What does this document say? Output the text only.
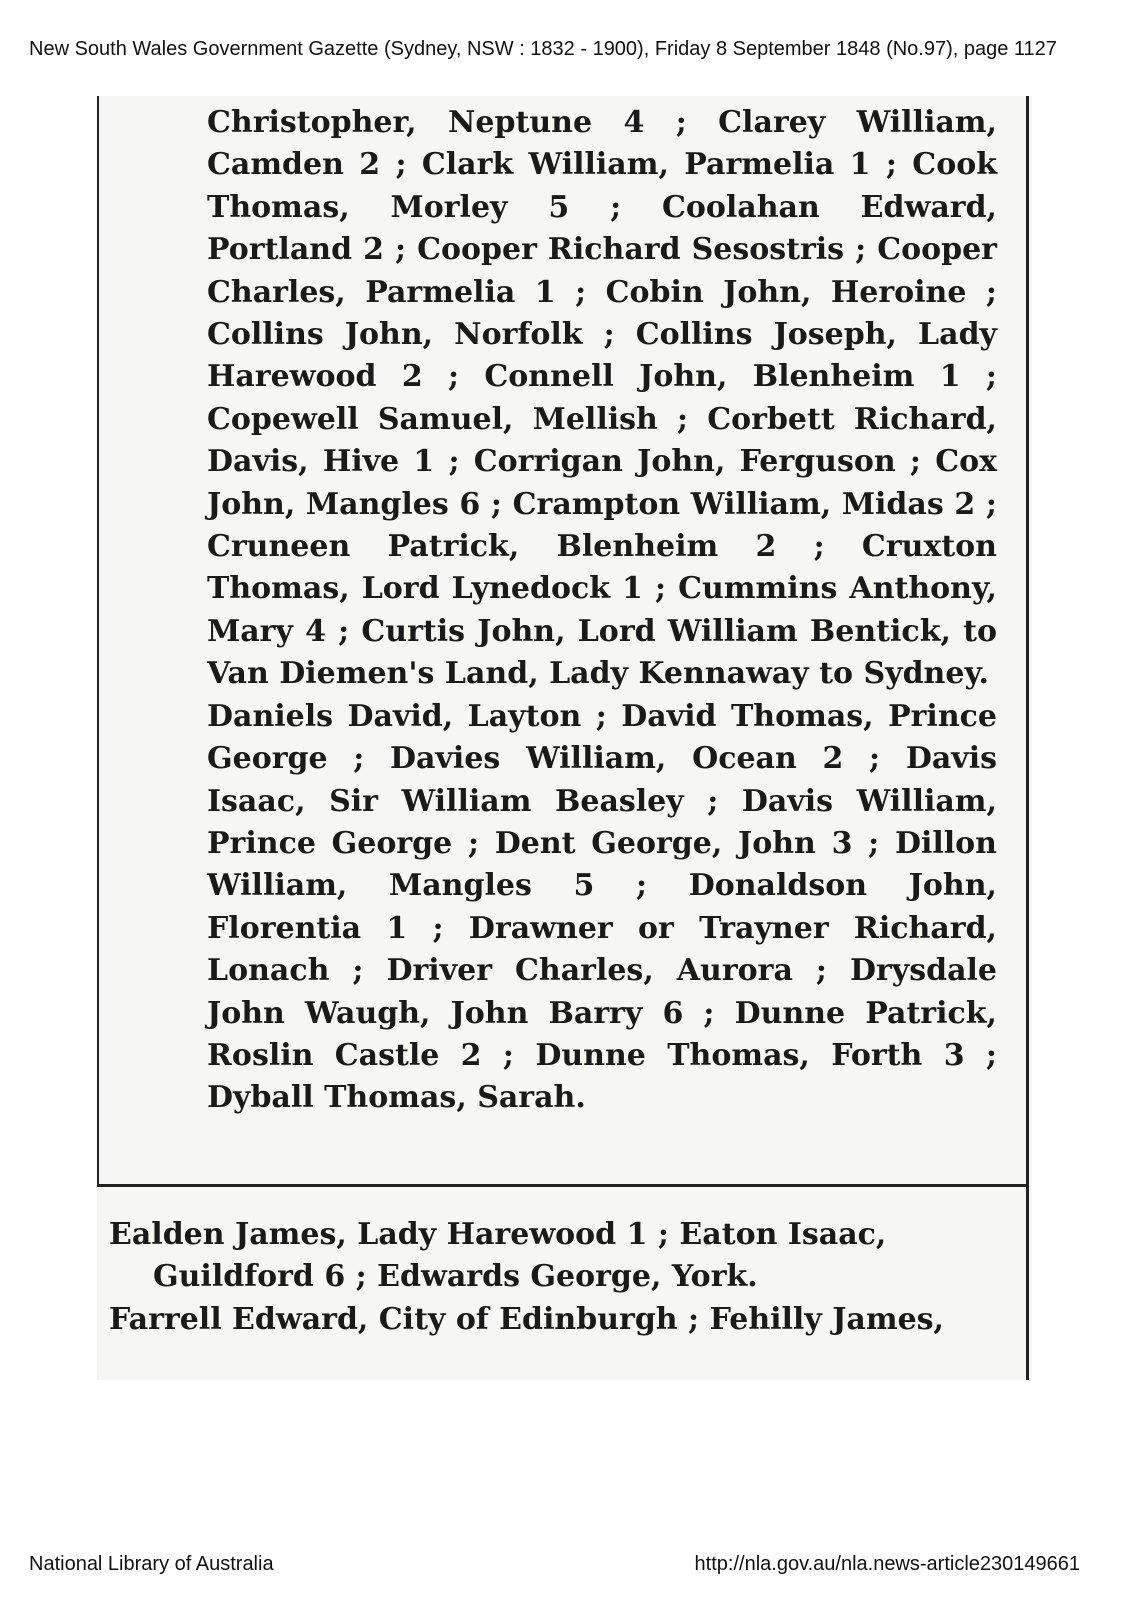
New South Wales Government Gazette (Sydney, NSW : 1832 - 1900), Friday 8 September 1848 (No.97), page 1127

Christopher, Neptune 4 ; Clarey William, Camden 2 ; Clark William, Parmelia 1 ; Cook Thomas, Morley 5 ; Coolahan Edward, Portland 2 ; Cooper Richard Sesostris ; Cooper Charles, Parmelia 1 ; Cobin John, Heroine ; Collins John, Norfolk ; Collins Joseph, Lady Harewood 2 ; Connell John, Blenheim 1 ; Copewell Samuel, Mellish ; Corbett Richard, Davis, Hive 1 ; Corrigan John, Ferguson ; Cox John, Mangles 6 ; Crampton William, Midas 2 ; Cruneen Patrick, Blenheim 2 ; Cruxton Thomas, Lord Lynedock 1 ; Cummins Anthony, Mary 4 ; Curtis John, Lord William Bentick, to Van Diemen's Land, Lady Kennaway to Sydney.

Daniels David, Layton ; David Thomas, Prince George ; Davies William, Ocean 2 ; Davis Isaac, Sir William Beasley ; Davis William, Prince George ; Dent George, John 3 ; Dillon William, Mangles 5 ; Donaldson John, Florentia 1 ; Drawner or Trayner Richard, Lonach ; Driver Charles, Aurora ; Drysdale John Waugh, John Barry 6 ; Dunne Patrick, Roslin Castle 2 ; Dunne Thomas, Forth 3 ; Dyball Thomas, Sarah.

Ealden James, Lady Harewood 1 ; Eaton Isaac, Guildford 6 ; Edwards George, York.

Farrell Edward, City of Edinburgh ; Fehilly James,

National Library of Australia	http://nla.gov.au/nla.news-article230149661
